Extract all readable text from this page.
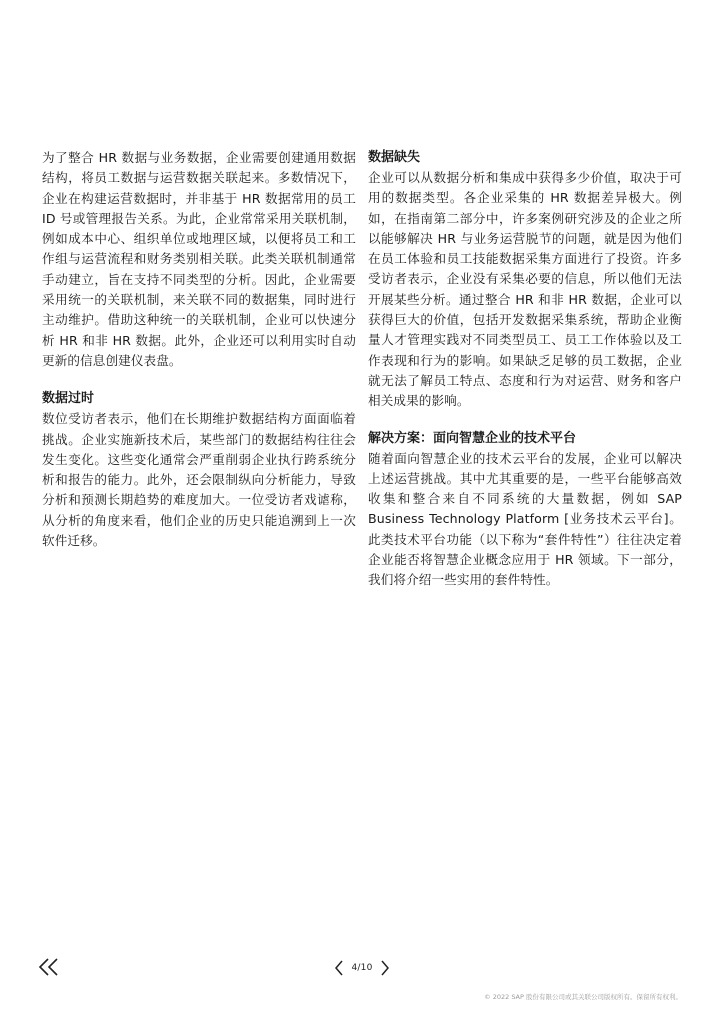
为了整合 HR 数据与业务数据，企业需要创建通用数据结构，将员工数据与运营数据关联起来。多数情况下，企业在构建运营数据时，并非基于 HR 数据常用的员工 ID 号或管理报告关系。为此，企业常常采用关联机制，例如成本中心、组织单位或地理区域，以便将员工和工作组与运营流程和财务类别相关联。此类关联机制通常手动建立，旨在支持不同类型的分析。因此，企业需要采用统一的关联机制，来关联不同的数据集，同时进行主动维护。借助这种统一的关联机制，企业可以快速分析 HR 和非 HR 数据。此外，企业还可以利用实时自动更新的信息创建仪表盘。

数据过时

数位受访者表示，他们在长期维护数据结构方面面临着挑战。企业实施新技术后，某些部门的数据结构往往会发生变化。这些变化通常会严重削弱企业执行跨系统分析和报告的能力。此外，还会限制纵向分析能力，导致分析和预测长期趋势的难度加大。一位受访者戏谑称，从分析的角度来看，他们企业的历史只能追溯到上一次软件迁移。

数据缺失

企业可以从数据分析和集成中获得多少价值，取决于可用的数据类型。各企业采集的 HR 数据差异极大。例如，在指南第二部分中，许多案例研究涉及的企业之所以能够解决 HR 与业务运营脱节的问题，就是因为他们在员工体验和员工技能数据采集方面进行了投资。许多受访者表示，企业没有采集必要的信息，所以他们无法开展某些分析。通过整合 HR 和非 HR 数据，企业可以获得巨大的价值，包括开发数据采集系统，帮助企业衡量人才管理实践对不同类型员工、员工工作体验以及工作表现和行为的影响。如果缺乏足够的员工数据，企业就无法了解员工特点、态度和行为对运营、财务和客户相关成果的影响。

解决方案：面向智慧企业的技术平台

随着面向智慧企业的技术云平台的发展，企业可以解决上述运营挑战。其中尤其重要的是，一些平台能够高效收集和整合来自不同系统的大量数据，例如 SAP Business Technology Platform [业务技术云平台]。此类技术平台功能（以下称为“套件特性”）往往决定着企业能否将智慧企业概念应用于 HR 领域。下一部分，我们将介绍一些实用的套件特性。

4/10
© 2022 SAP 股份有限公司或其关联公司版权所有。保留所有权利。
